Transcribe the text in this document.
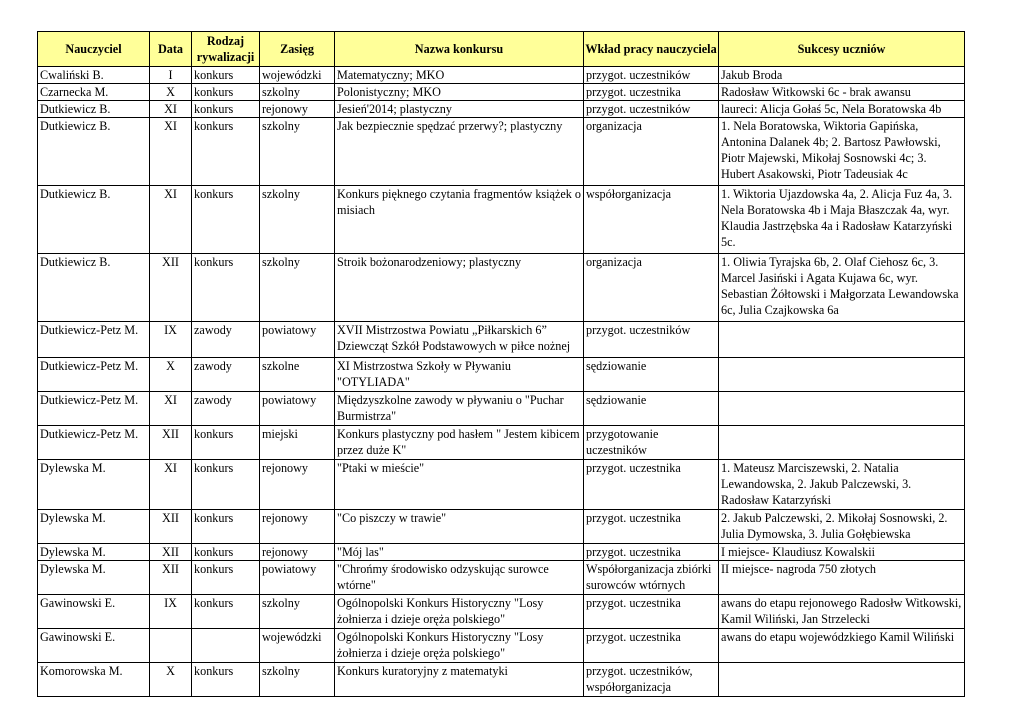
Nauczyciel	Data	Rodzaj rywalizacji	Zasięg	Nazwa konkursu	Wkład pracy nauczyciela	Sukcesy uczniów
Cwaliński B.	I	konkurs	wojewódzki	Matematyczny; MKO	przygot. uczestników	Jakub Broda
Czarnecka M.	X	konkurs	szkolny	Polonistyczny; MKO	przygot. uczestnika	Radosław Witkowski 6c - brak awansu
Dutkiewicz B.	XI	konkurs	rejonowy	Jesień'2014; plastyczny	przygot. uczestników	laureci: Alicja Gołaś 5c, Nela Boratowska 4b
Dutkiewicz B.	XI	konkurs	szkolny	Jak bezpiecznie spędzać przerwy?; plastyczny	organizacja	1. Nela Boratowska, Wiktoria Gapińska, Antonina Dalanek 4b; 2. Bartosz Pawłowski, Piotr Majewski, Mikołaj Sosnowski 4c; 3. Hubert Asakowski, Piotr Tadeusiak 4c
Dutkiewicz B.	XI	konkurs	szkolny	Konkurs pięknego czytania fragmentów książek o misiach	współorganizacja	1. Wiktoria Ujazdowska 4a, 2. Alicja Fuz 4a, 3. Nela Boratowska 4b i Maja Błaszczak 4a, wyr. Klaudia Jastrzębska 4a i Radosław Katarzyński 5c.
Dutkiewicz B.	XII	konkurs	szkolny	Stroik bożonarodzeniowy; plastyczny	organizacja	1. Oliwia Tyrajska 6b, 2. Olaf Ciehosz 6c, 3. Marcel Jasiński i Agata Kujawa 6c, wyr. Sebastian Żółtowski i Małgorzata Lewandowska 6c, Julia Czajkowska 6a
Dutkiewicz-Petz M.	IX	zawody	powiatowy	XVII Mistrzostwa Powiatu „Piłkarskich 6” Dziewcząt Szkół Podstawowych w piłce nożnej	przygot. uczestników	
Dutkiewicz-Petz M.	X	zawody	szkolne	XI Mistrzostwa Szkoły w Pływaniu "OTYLIADA"	sędziowanie	
Dutkiewicz-Petz M.	XI	zawody	powiatowy	Międzyszkolne zawody w pływaniu o "Puchar Burmistrza"	sędziowanie	
Dutkiewicz-Petz M.	XII	konkurs	miejski	Konkurs plastyczny pod hasłem " Jestem kibicem przez duże K"	przygotowanie uczestników	
Dylewska M.	XI	konkurs	rejonowy	"Ptaki w mieście"	przygot. uczestnika	1. Mateusz Marciszewski, 2. Natalia Lewandowska, 2. Jakub Palczewski, 3. Radosław Katarzyński
Dylewska M.	XII	konkurs	rejonowy	"Co piszczy w trawie"	przygot. uczestnika	2. Jakub Palczewski, 2. Mikołaj Sosnowski, 2. Julia Dymowska, 3. Julia Gołębiewska
Dylewska M.	XII	konkurs	rejonowy	"Mój las"	przygot. uczestnika	I miejsce- Klaudiusz Kowalskii
Dylewska M.	XII	konkurs	powiatowy	"Chrońmy środowisko odzyskując surowce wtórne"	Współorganizacja zbiórki surowców wtórnych	II miejsce- nagroda 750 złotych
Gawinowski E.	IX	konkurs	szkolny	Ogólnopolski Konkurs Historyczny "Losy żołnierza i dzieje oręża polskiego"	przygot. uczestnika	awans do etapu rejonowego Radosłw Witkowski, Kamil Wiliński, Jan Strzelecki
Gawinowski E.			wojewódzki	Ogólnopolski Konkurs Historyczny "Losy żołnierza i dzieje oręża polskiego"	przygot. uczestnika	awans do etapu wojewódzkiego Kamil Wiliński
Komorowska M.	X	konkurs	szkolny	Konkurs kuratoryjny z matematyki	przygot. uczestników, współorganizacja	
